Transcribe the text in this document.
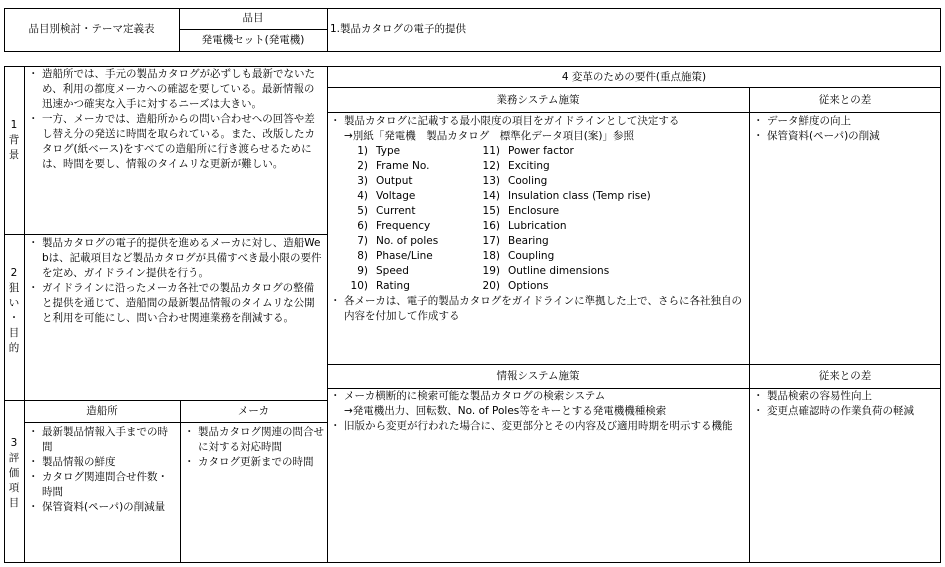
品目別検討・テーマ定義表
品目
発電機セット(発電機)
1.製品カタログの電子的提供
1
背
景
・ 造船所では、手元の製品カタログが必ずしも最新でないため、利用の都度メーカへの確認を要している。最新情報の迅速かつ確実な入手に対するニーズは大きい。
・ 一方、メーカでは、造船所からの問い合わせへの回答や差し替え分の発送に時間を取られている。また、改版したカタログ(紙ベース)をすべての造船所に行き渡らせるためには、時間を要し、情報のタイムリな更新が難しい。
2
狙
い
・
目
的
・ 製品カタログの電子的提供を進めるメーカに対し、造船Webは、記載項目など製品カタログが具備すべき最小限の要件を定め、ガイドライン提供を行う。
・ ガイドラインに沿ったメーカ各社での製品カタログの整備と提供を通じて、造船間の最新製品情報のタイムリな公開と利用を可能にし、問い合わせ関連業務を削減する。
3
評
価
項
目
造船所	メーカ
・ 最新製品情報入手までの時間
・ 製品情報の鮮度
・ カタログ関連問合せ件数・時間
・ 保管資料(ペーパ)の削減量
・ 製品カタログ関連の問合せに対する対応時間
・ カタログ更新までの時間
4 変革のための要件(重点施策)
業務システム施策	従来との差
・ 製品カタログに記載する最小限度の項目をガイドラインとして決定する
→別紙「発電機　製品カタログ　標準化データ項目(案)」参照
1) Type
2) Frame No.
3) Output
4) Voltage
5) Current
6) Frequency
7) No. of poles
8) Phase/Line
9) Speed
10) Rating
11) Power factor
12) Exciting
13) Cooling
14) Insulation class (Temp rise)
15) Enclosure
16) Lubrication
17) Bearing
18) Coupling
19) Outline dimensions
20) Options
・ 各メーカは、電子的製品カタログをガイドラインに準拠した上で、さらに各社独自の内容を付加して作成する
・ データ鮮度の向上
・ 保管資料(ペーパ)の削減
情報システム施策	従来との差
・ メーカ横断的に検索可能な製品カタログの検索システム
→発電機出力、回転数、No. of Poles等をキーとする発電機機種検索
・ 旧版から変更が行われた場合に、変更部分とその内容及び適用時期を明示する機能
・ 製品検索の容易性向上
・ 変更点確認時の作業負荷の軽減
